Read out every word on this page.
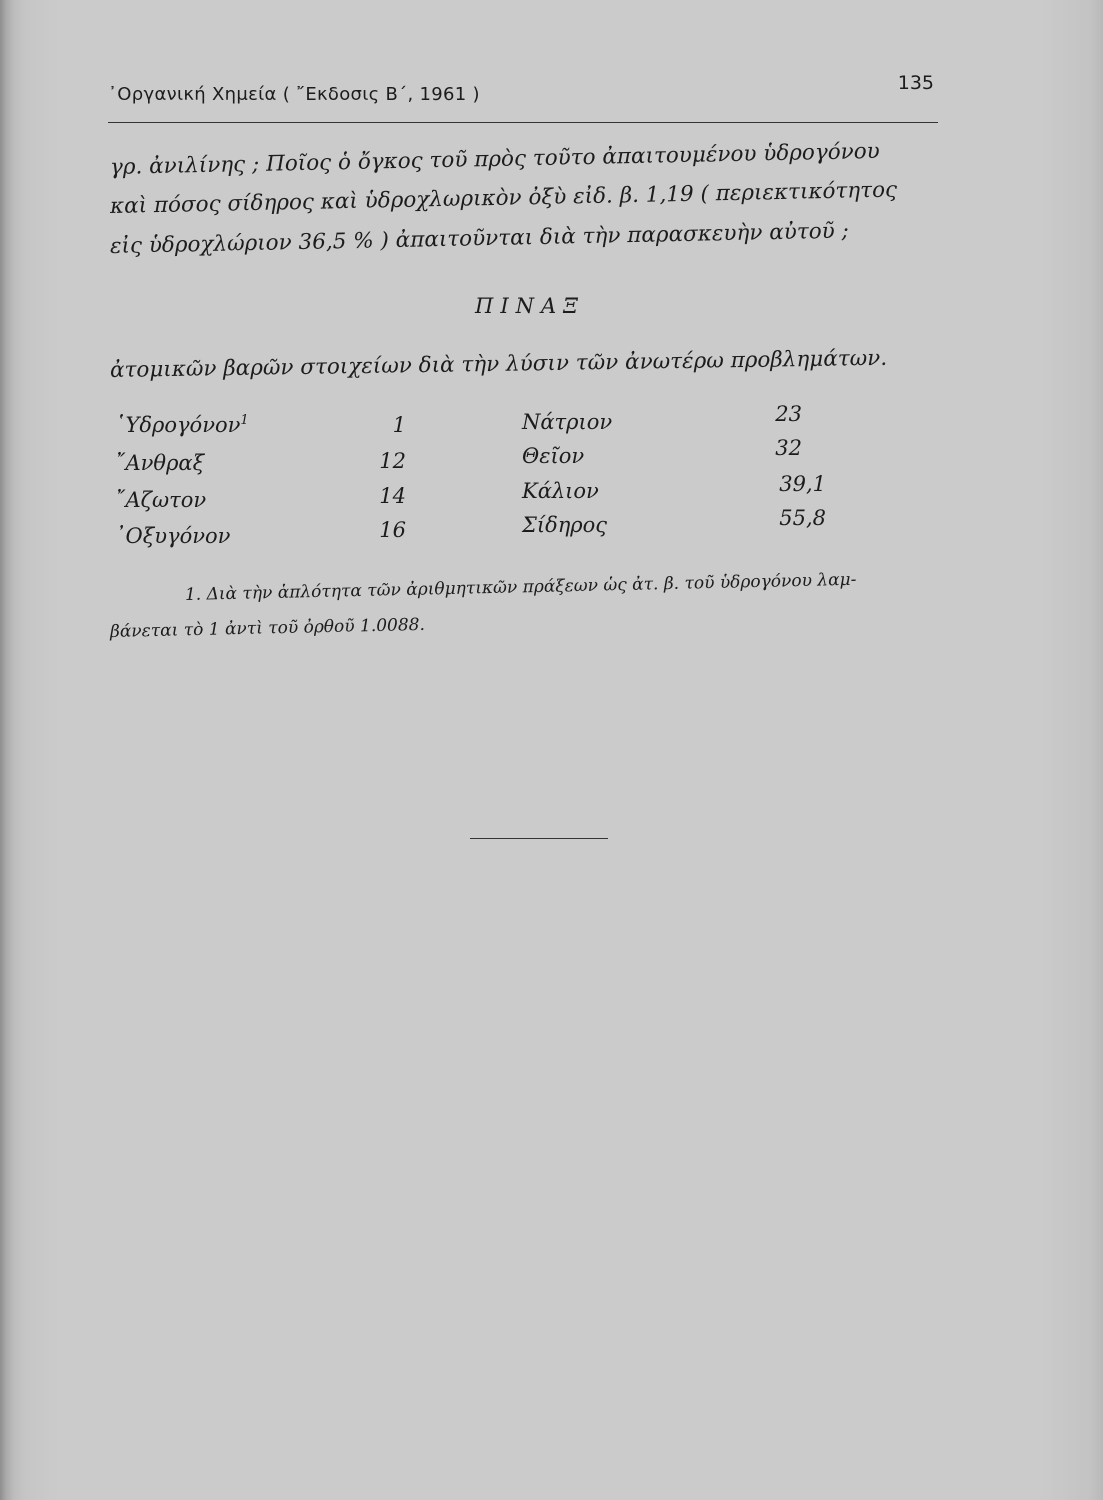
᾽Οργανική Χημεία ( ῎Εκδοσις Β΄, 1961 )
135
γρ. ἀνιλίνης ; Ποῖος ὁ ὄγκος τοῦ πρὸς τοῦτο ἀπαιτουμένου ὑδρογόνου
καὶ πόσος σίδηρος καὶ ὑδροχλωρικὸν ὀξὺ εἰδ. β. 1,19 ( περιεκτικότητος
εἰς ὑδροχλώριον 36,5 % ) ἀπαιτοῦνται διὰ τὴν παρασκευὴν αὐτοῦ ;
ΠΙΝΑΞ
ἀτομικῶν βαρῶν στοιχείων διὰ τὴν λύσιν τῶν ἀνωτέρω προβλημάτων.
῾Υδρογόνον$^1$	1
῎Ανθραξ	12
῎Αζωτον	14
᾽Οξυγόνον	16
Νάτριον	23
Θεῖον	32
Κάλιον	39,1
Σίδηρος	55,8
1. Διὰ τὴν ἁπλότητα τῶν ἀριθμητικῶν πράξεων ὡς ἀτ. β. τοῦ ὑδρογόνου λαμ-
βάνεται τὸ 1 ἀντὶ τοῦ ὀρθοῦ 1.0088.
